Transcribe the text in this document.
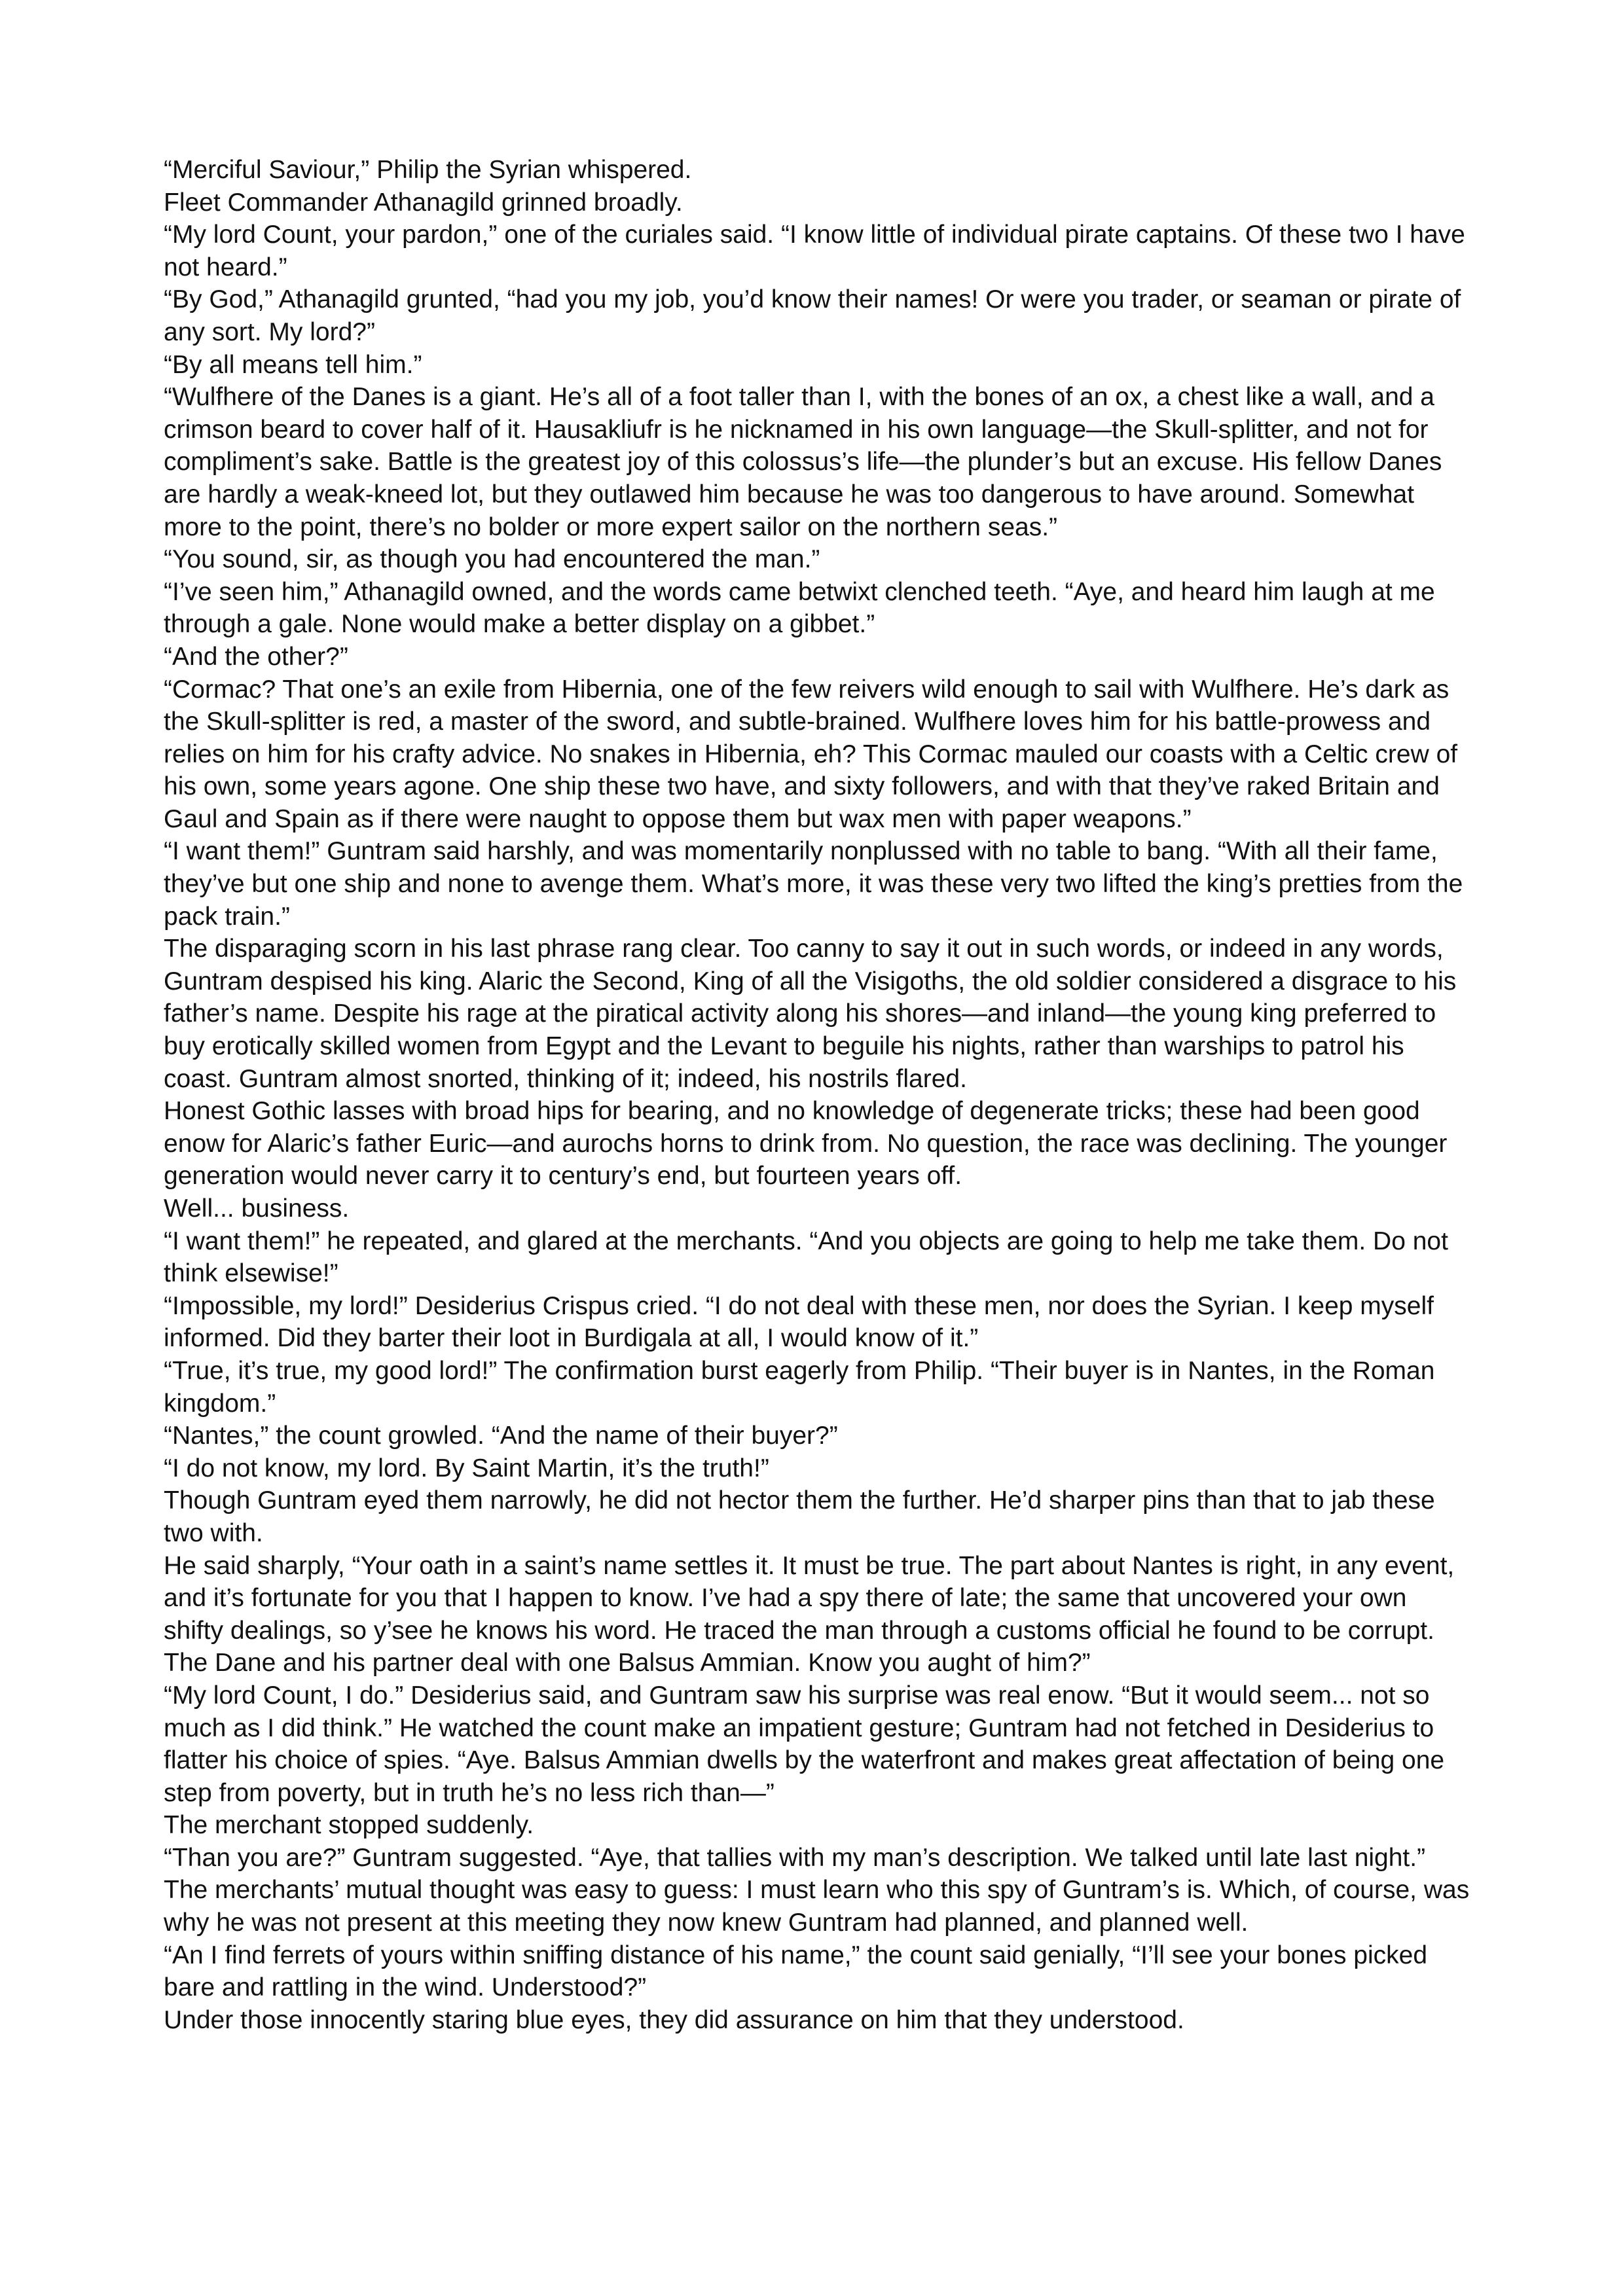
“Merciful Saviour,” Philip the Syrian whispered.

Fleet Commander Athanagild grinned broadly.

“My lord Count, your pardon,” one of the curiales said. “I know little of individual pirate captains. Of these two I have not heard.”

“By God,” Athanagild grunted, “had you my job, you’d know their names! Or were you trader, or seaman or pirate of any sort. My lord?”

“By all means tell him.”

“Wulfhere of the Danes is a giant. He’s all of a foot taller than I, with the bones of an ox, a chest like a wall, and a crimson beard to cover half of it. Hausakliufr is he nicknamed in his own language—the Skull-splitter, and not for compliment’s sake. Battle is the greatest joy of this colossus’s life—the plunder’s but an excuse. His fellow Danes are hardly a weak-kneed lot, but they outlawed him because he was too dangerous to have around. Somewhat more to the point, there’s no bolder or more expert sailor on the northern seas.”

“You sound, sir, as though you had encountered the man.”

“I’ve seen him,” Athanagild owned, and the words came betwixt clenched teeth. “Aye, and heard him laugh at me through a gale. None would make a better display on a gibbet.”

“And the other?”

“Cormac? That one’s an exile from Hibernia, one of the few reivers wild enough to sail with Wulfhere. He’s dark as the Skull-splitter is red, a master of the sword, and subtle-brained. Wulfhere loves him for his battle-prowess and relies on him for his crafty advice. No snakes in Hibernia, eh? This Cormac mauled our coasts with a Celtic crew of his own, some years agone. One ship these two have, and sixty followers, and with that they’ve raked Britain and Gaul and Spain as if there were naught to oppose them but wax men with paper weapons.”

“I want them!” Guntram said harshly, and was momentarily nonplussed with no table to bang. “With all their fame, they’ve but one ship and none to avenge them. What’s more, it was these very two lifted the king’s pretties from the pack train.”

The disparaging scorn in his last phrase rang clear. Too canny to say it out in such words, or indeed in any words, Guntram despised his king. Alaric the Second, King of all the Visigoths, the old soldier considered a disgrace to his father’s name. Despite his rage at the piratical activity along his shores—and inland—the young king preferred to buy erotically skilled women from Egypt and the Levant to beguile his nights, rather than warships to patrol his coast. Guntram almost snorted, thinking of it; indeed, his nostrils flared.

Honest Gothic lasses with broad hips for bearing, and no knowledge of degenerate tricks; these had been good enow for Alaric’s father Euric—and aurochs horns to drink from. No question, the race was declining. The younger generation would never carry it to century’s end, but fourteen years off.

Well... business.

“I want them!” he repeated, and glared at the merchants. “And you objects are going to help me take them. Do not think elsewise!”

“Impossible, my lord!” Desiderius Crispus cried. “I do not deal with these men, nor does the Syrian. I keep myself informed. Did they barter their loot in Burdigala at all, I would know of it.”

“True, it’s true, my good lord!” The confirmation burst eagerly from Philip. “Their buyer is in Nantes, in the Roman kingdom.”

“Nantes,” the count growled. “And the name of their buyer?”

“I do not know, my lord. By Saint Martin, it’s the truth!”

Though Guntram eyed them narrowly, he did not hector them the further. He’d sharper pins than that to jab these two with.

He said sharply, “Your oath in a saint’s name settles it. It must be true. The part about Nantes is right, in any event, and it’s fortunate for you that I happen to know. I’ve had a spy there of late; the same that uncovered your own shifty dealings, so y’see he knows his word. He traced the man through a customs official he found to be corrupt. The Dane and his partner deal with one Balsus Ammian. Know you aught of him?”

“My lord Count, I do.” Desiderius said, and Guntram saw his surprise was real enow. “But it would seem... not so much as I did think.” He watched the count make an impatient gesture; Guntram had not fetched in Desiderius to flatter his choice of spies. “Aye. Balsus Ammian dwells by the waterfront and makes great affectation of being one step from poverty, but in truth he’s no less rich than—”

The merchant stopped suddenly.

“Than you are?” Guntram suggested. “Aye, that tallies with my man’s description. We talked until late last night.”

The merchants’ mutual thought was easy to guess: I must learn who this spy of Guntram’s is. Which, of course, was why he was not present at this meeting they now knew Guntram had planned, and planned well.

“An I find ferrets of yours within sniffing distance of his name,” the count said genially, “I’ll see your bones picked bare and rattling in the wind. Understood?”

Under those innocently staring blue eyes, they did assurance on him that they understood.
